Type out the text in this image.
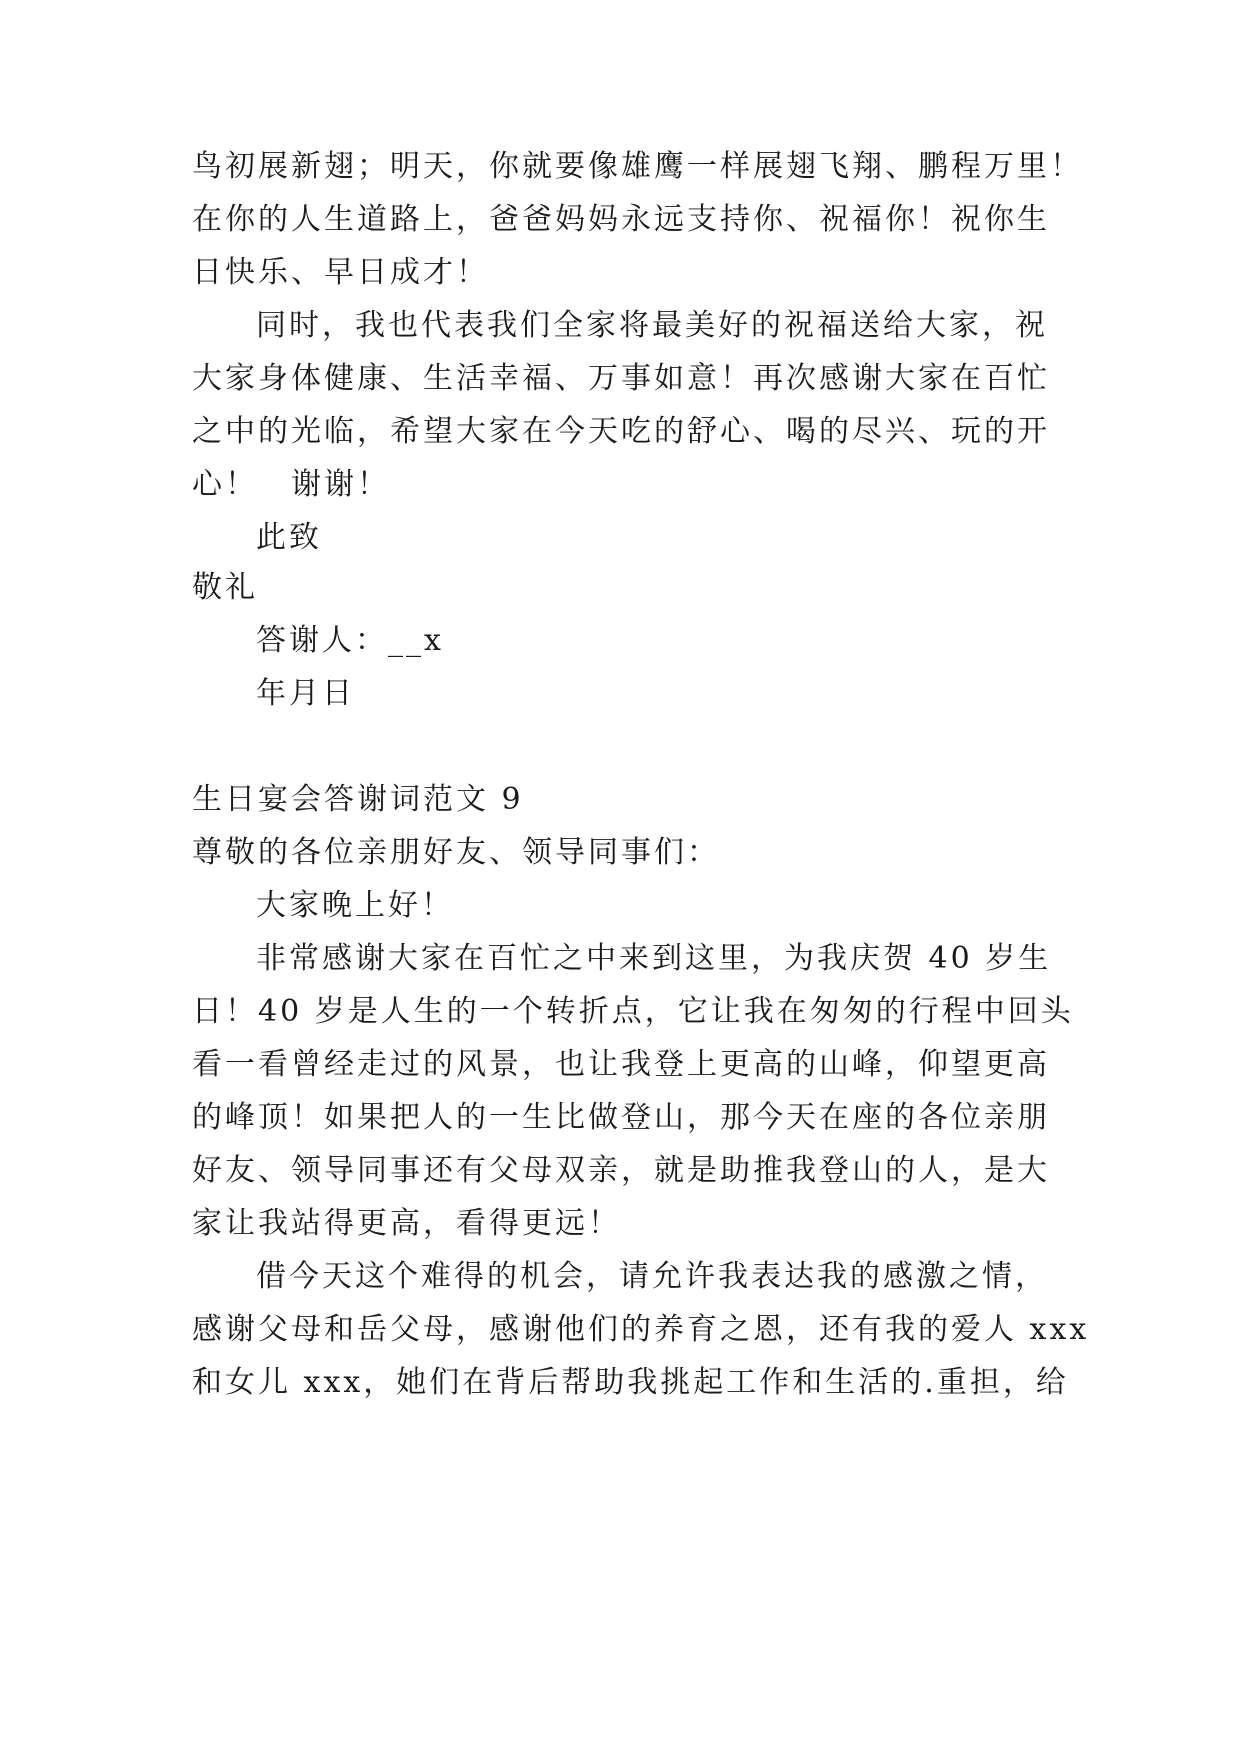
鸟初展新翅；明天，你就要像雄鹰一样展翅飞翔、鹏程万里！
在你的人生道路上，爸爸妈妈永远支持你、祝福你！祝你生
日快乐、早日成才！
同时，我也代表我们全家将最美好的祝福送给大家，祝
大家身体健康、生活幸福、万事如意！再次感谢大家在百忙
之中的光临，希望大家在今天吃的舒心、喝的尽兴、玩的开
心！　谢谢！
此致
敬礼
答谢人：__x
年月日
生日宴会答谢词范文 9
尊敬的各位亲朋好友、领导同事们：
大家晚上好！
非常感谢大家在百忙之中来到这里，为我庆贺 40 岁生
日！40 岁是人生的一个转折点，它让我在匆匆的行程中回头
看一看曾经走过的风景，也让我登上更高的山峰，仰望更高
的峰顶！如果把人的一生比做登山，那今天在座的各位亲朋
好友、领导同事还有父母双亲，就是助推我登山的人，是大
家让我站得更高，看得更远！
借今天这个难得的机会，请允许我表达我的感激之情，
感谢父母和岳父母，感谢他们的养育之恩，还有我的爱人 xxx
和女儿 xxx，她们在背后帮助我挑起工作和生活的.重担，给
